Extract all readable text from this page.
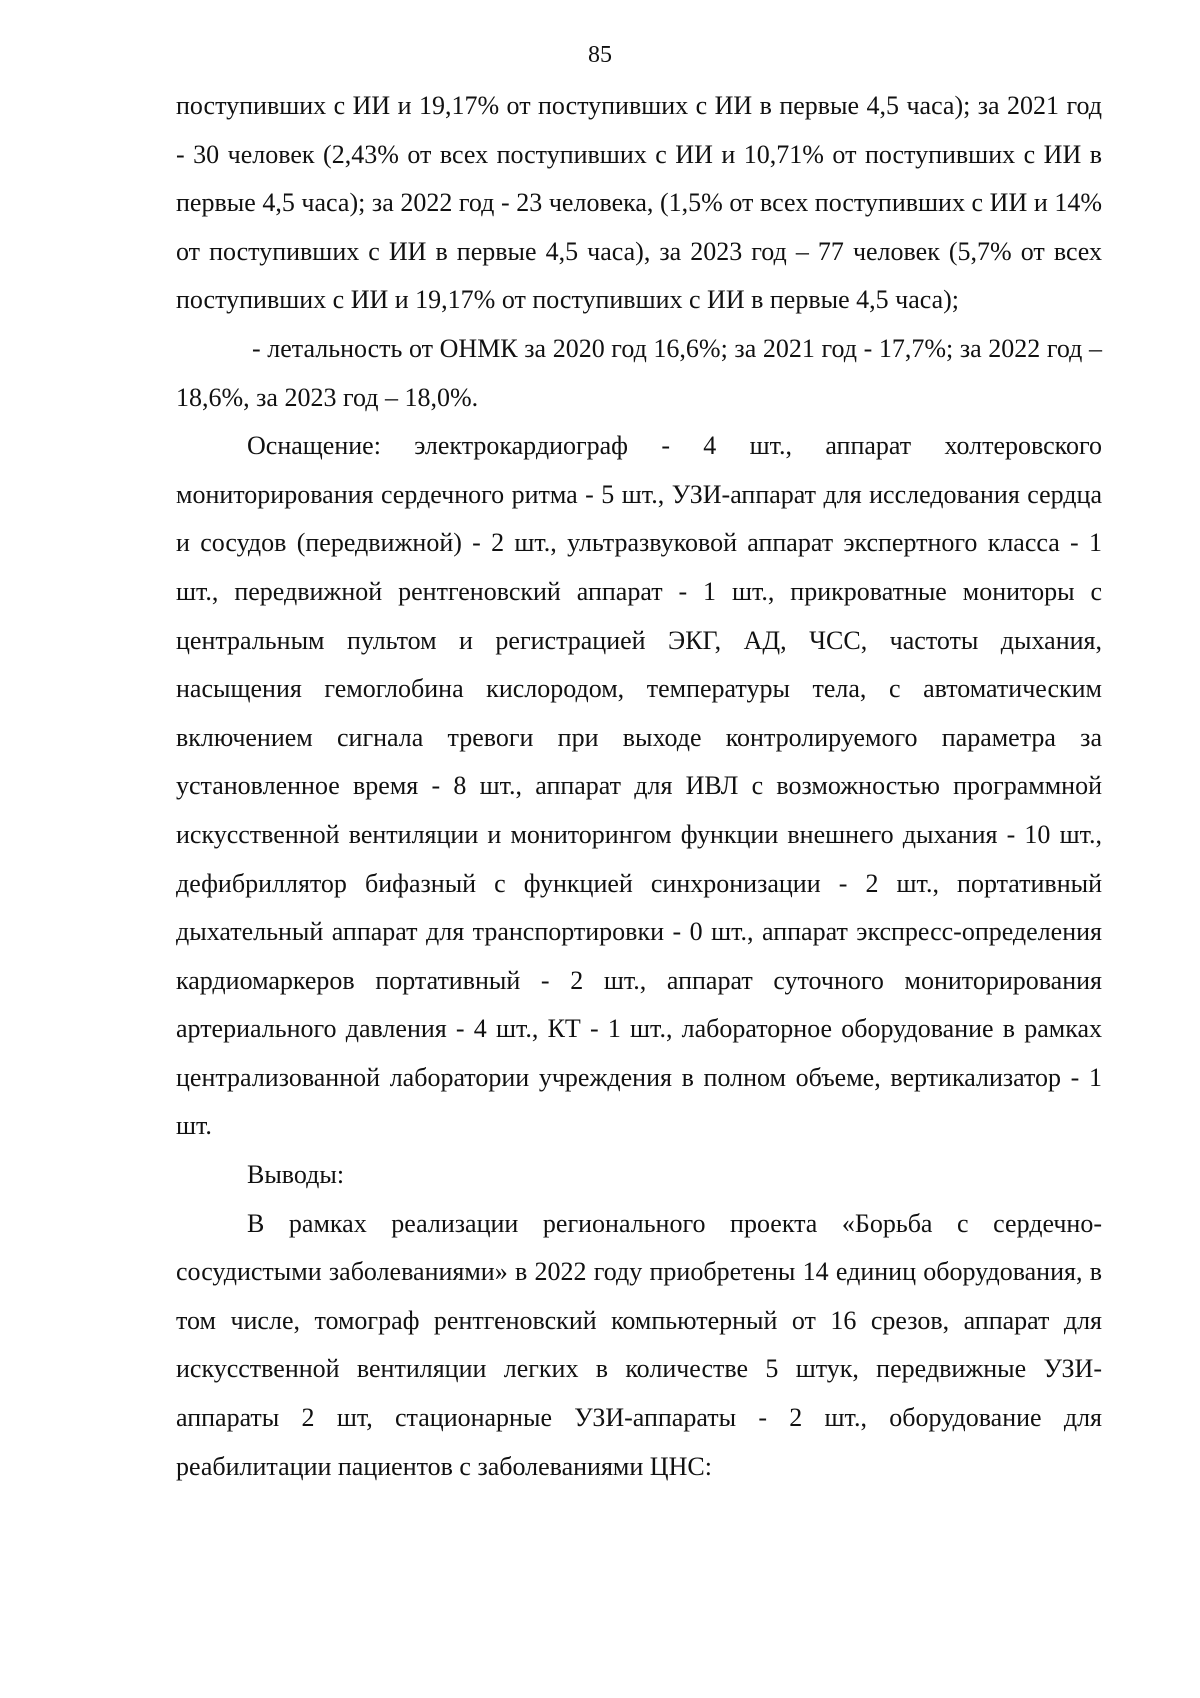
85

поступивших с ИИ и 19,17% от поступивших с ИИ в первые 4,5 часа); за 2021 год - 30 человек (2,43% от всех поступивших с ИИ и 10,71% от поступивших с ИИ в первые 4,5 часа); за 2022 год - 23 человека, (1,5% от всех поступивших с ИИ и 14% от поступивших с ИИ в первые 4,5 часа), за 2023 год – 77 человек (5,7% от всех поступивших с ИИ и 19,17% от поступивших с ИИ в первые 4,5 часа);

- летальность от ОНМК за 2020 год 16,6%; за 2021 год - 17,7%; за 2022 год – 18,6%, за 2023 год – 18,0%.

Оснащение: электрокардиограф - 4 шт., аппарат холтеровского мониторирования сердечного ритма - 5 шт., УЗИ-аппарат для исследования сердца и сосудов (передвижной) - 2 шт., ультразвуковой аппарат экспертного класса - 1 шт., передвижной рентгеновский аппарат - 1 шт., прикроватные мониторы с центральным пультом и регистрацией ЭКГ, АД, ЧСС, частоты дыхания, насыщения гемоглобина кислородом, температуры тела, с автоматическим включением сигнала тревоги при выходе контролируемого параметра за установленное время - 8 шт., аппарат для ИВЛ с возможностью программной искусственной вентиляции и мониторингом функции внешнего дыхания - 10 шт., дефибриллятор бифазный с функцией синхронизации - 2 шт., портативный дыхательный аппарат для транспортировки - 0 шт., аппарат экспресс-определения кардиомаркеров портативный - 2 шт., аппарат суточного мониторирования артериального давления - 4 шт., КТ - 1 шт., лабораторное оборудование в рамках централизованной лаборатории учреждения в полном объеме, вертикализатор - 1 шт.

Выводы:

В рамках реализации регионального проекта «Борьба с сердечно-сосудистыми заболеваниями» в 2022 году приобретены 14 единиц оборудования, в том числе, томограф рентгеновский компьютерный от 16 срезов, аппарат для искусственной вентиляции легких в количестве 5 штук, передвижные УЗИ-аппараты 2 шт, стационарные УЗИ-аппараты - 2 шт., оборудование для реабилитации пациентов с заболеваниями ЦНС:
